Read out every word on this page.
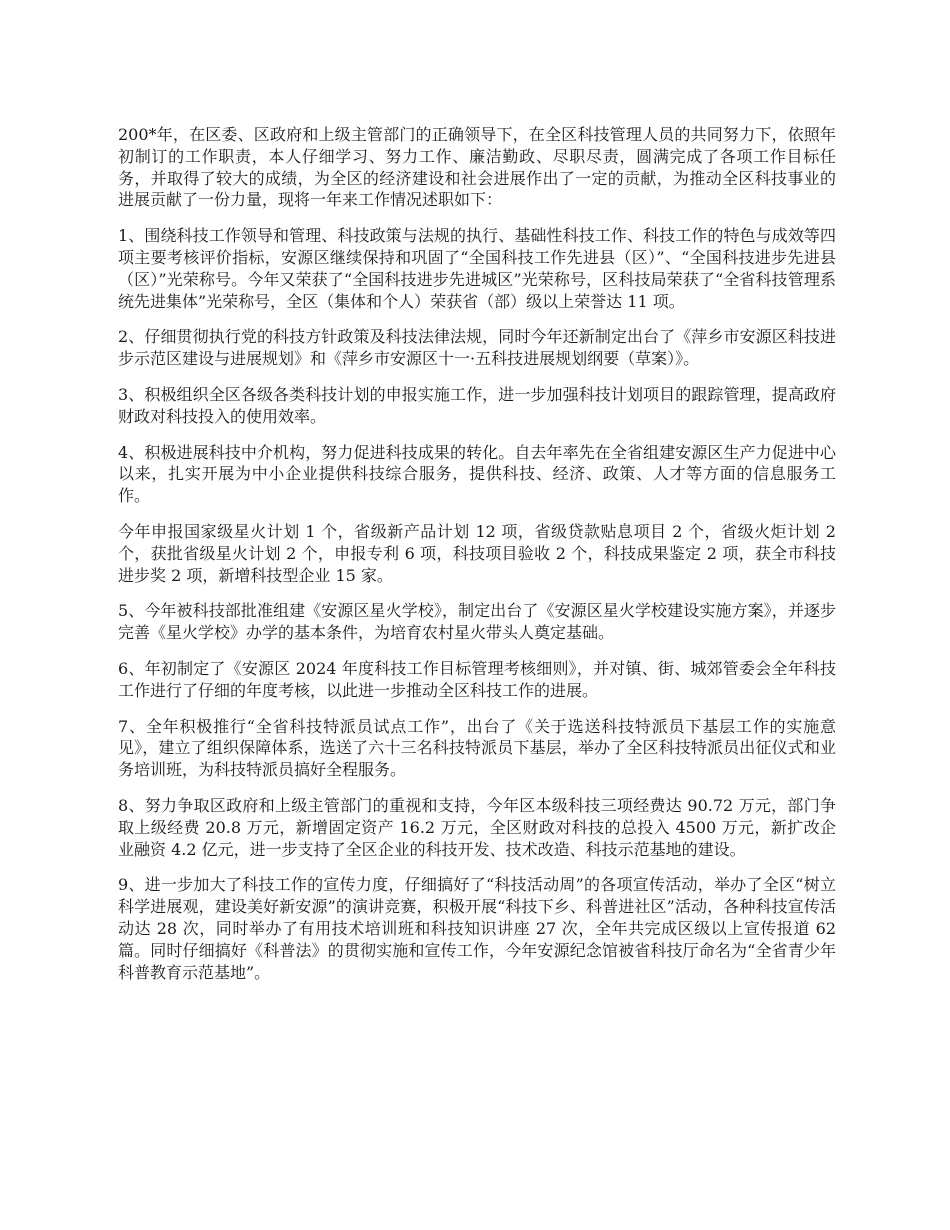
200*年，在区委、区政府和上级主管部门的正确领导下，在全区科技管理人员的共同努力下，依照年初制订的工作职责，本人仔细学习、努力工作、廉洁勤政、尽职尽责，圆满完成了各项工作目标任务，并取得了较大的成绩，为全区的经济建设和社会进展作出了一定的贡献，为推动全区科技事业的进展贡献了一份力量，现将一年来工作情况述职如下：

1、围绕科技工作领导和管理、科技政策与法规的执行、基础性科技工作、科技工作的特色与成效等四项主要考核评价指标，安源区继续保持和巩固了“全国科技工作先进县（区）”、“全国科技进步先进县（区）”光荣称号。今年又荣获了“全国科技进步先进城区”光荣称号，区科技局荣获了“全省科技管理系统先进集体”光荣称号，全区（集体和个人）荣获省（部）级以上荣誉达 11 项。

2、仔细贯彻执行党的科技方针政策及科技法律法规，同时今年还新制定出台了《萍乡市安源区科技进步示范区建设与进展规划》和《萍乡市安源区十一·五科技进展规划纲要（草案）》。

3、积极组织全区各级各类科技计划的申报实施工作，进一步加强科技计划项目的跟踪管理，提高政府财政对科技投入的使用效率。

4、积极进展科技中介机构，努力促进科技成果的转化。自去年率先在全省组建安源区生产力促进中心以来，扎实开展为中小企业提供科技综合服务，提供科技、经济、政策、人才等方面的信息服务工作。

今年申报国家级星火计划 1 个，省级新产品计划 12 项，省级贷款贴息项目 2 个，省级火炬计划 2 个，获批省级星火计划 2 个，申报专利 6 项，科技项目验收 2 个，科技成果鉴定 2 项，获全市科技进步奖 2 项，新增科技型企业 15 家。

5、今年被科技部批准组建《安源区星火学校》，制定出台了《安源区星火学校建设实施方案》，并逐步完善《星火学校》办学的基本条件，为培育农村星火带头人奠定基础。

6、年初制定了《安源区 2024 年度科技工作目标管理考核细则》，并对镇、街、城郊管委会全年科技工作进行了仔细的年度考核，以此进一步推动全区科技工作的进展。

7、全年积极推行“全省科技特派员试点工作”，出台了《关于选送科技特派员下基层工作的实施意见》，建立了组织保障体系，选送了六十三名科技特派员下基层，举办了全区科技特派员出征仪式和业务培训班，为科技特派员搞好全程服务。

8、努力争取区政府和上级主管部门的重视和支持，今年区本级科技三项经费达 90.72 万元，部门争取上级经费 20.8 万元，新增固定资产 16.2 万元，全区财政对科技的总投入 4500 万元，新扩改企业融资 4.2 亿元，进一步支持了全区企业的科技开发、技术改造、科技示范基地的建设。

9、进一步加大了科技工作的宣传力度，仔细搞好了“科技活动周”的各项宣传活动，举办了全区“树立科学进展观，建设美好新安源”的演讲竞赛，积极开展“科技下乡、科普进社区”活动，各种科技宣传活动达 28 次，同时举办了有用技术培训班和科技知识讲座 27 次，全年共完成区级以上宣传报道 62 篇。同时仔细搞好《科普法》的贯彻实施和宣传工作，今年安源纪念馆被省科技厅命名为“全省青少年科普教育示范基地”。
